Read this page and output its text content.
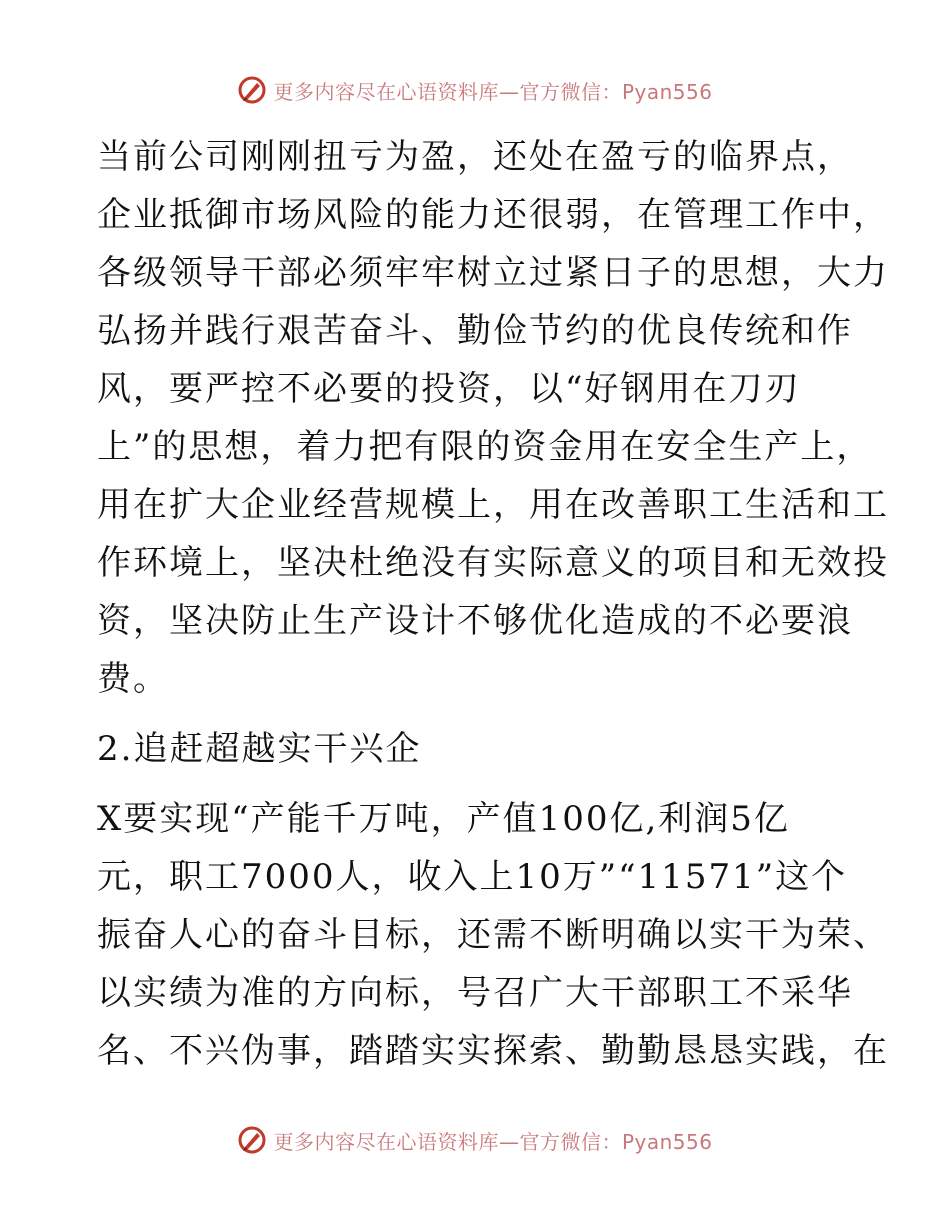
更多内容尽在心语资料库—官方微信：Pyan556

当前公司刚刚扭亏为盈，还处在盈亏的临界点，
企业抵御市场风险的能力还很弱，在管理工作中，
各级领导干部必须牢牢树立过紧日子的思想，大力
弘扬并践行艰苦奋斗、勤俭节约的优良传统和作
风，要严控不必要的投资，以“好钢用在刀刃
上”的思想，着力把有限的资金用在安全生产上，
用在扩大企业经营规模上，用在改善职工生活和工
作环境上，坚决杜绝没有实际意义的项目和无效投
资，坚决防止生产设计不够优化造成的不必要浪
费。

2.追赶超越实干兴企

X要实现“产能千万吨，产值100亿,利润5亿
元，职工7000人，收入上10万”“11571”这个
振奋人心的奋斗目标，还需不断明确以实干为荣、
以实绩为准的方向标，号召广大干部职工不采华
名、不兴伪事，踏踏实实探索、勤勤恳恳实践，在

更多内容尽在心语资料库—官方微信：Pyan556
